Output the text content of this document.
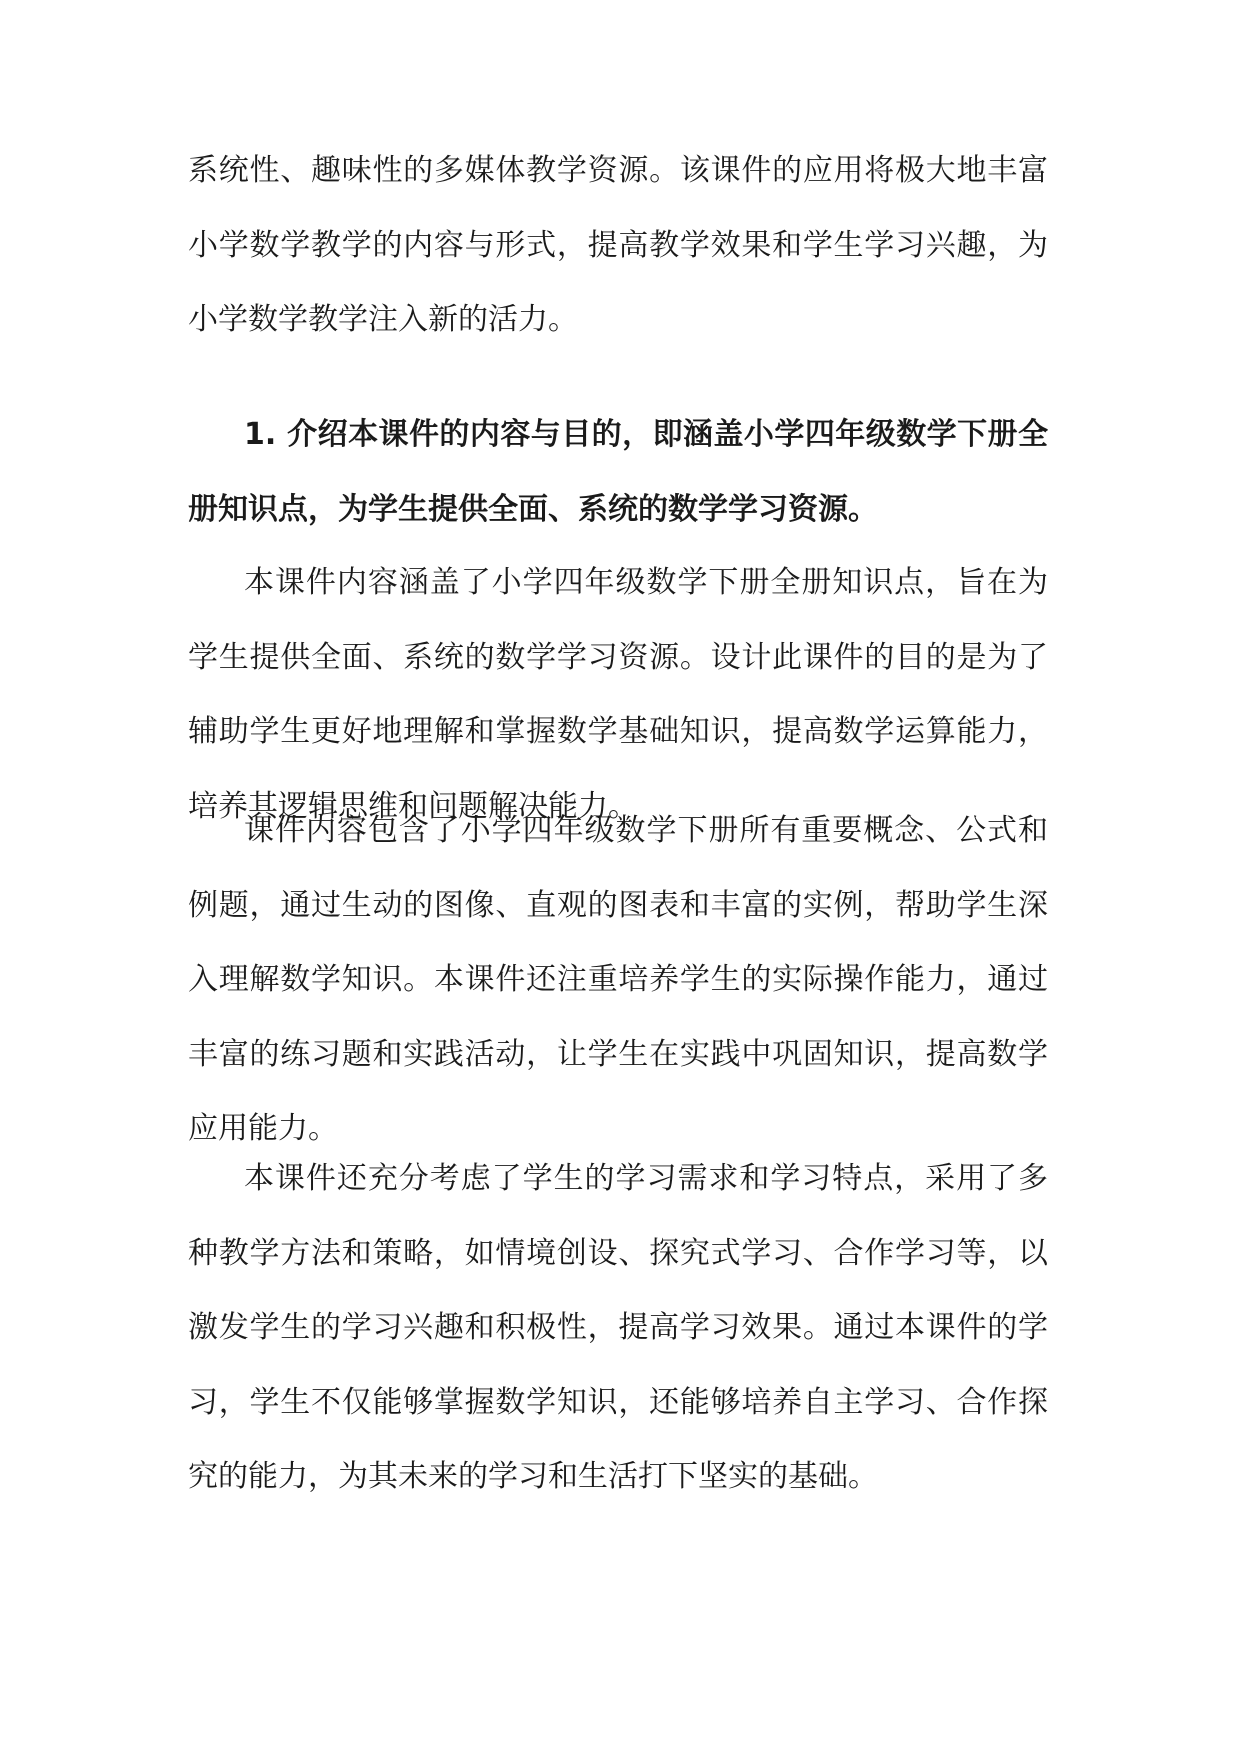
系统性、趣味性的多媒体教学资源。该课件的应用将极大地丰富小学数学教学的内容与形式，提高教学效果和学生学习兴趣，为小学数学教学注入新的活力。
1. 介绍本课件的内容与目的，即涵盖小学四年级数学下册全册知识点，为学生提供全面、系统的数学学习资源。
本课件内容涵盖了小学四年级数学下册全册知识点，旨在为学生提供全面、系统的数学学习资源。设计此课件的目的是为了辅助学生更好地理解和掌握数学基础知识，提高数学运算能力，培养其逻辑思维和问题解决能力。
课件内容包含了小学四年级数学下册所有重要概念、公式和例题，通过生动的图像、直观的图表和丰富的实例，帮助学生深入理解数学知识。本课件还注重培养学生的实际操作能力，通过丰富的练习题和实践活动，让学生在实践中巩固知识，提高数学应用能力。
本课件还充分考虑了学生的学习需求和学习特点，采用了多种教学方法和策略，如情境创设、探究式学习、合作学习等，以激发学生的学习兴趣和积极性，提高学习效果。通过本课件的学习，学生不仅能够掌握数学知识，还能够培养自主学习、合作探究的能力，为其未来的学习和生活打下坚实的基础。
